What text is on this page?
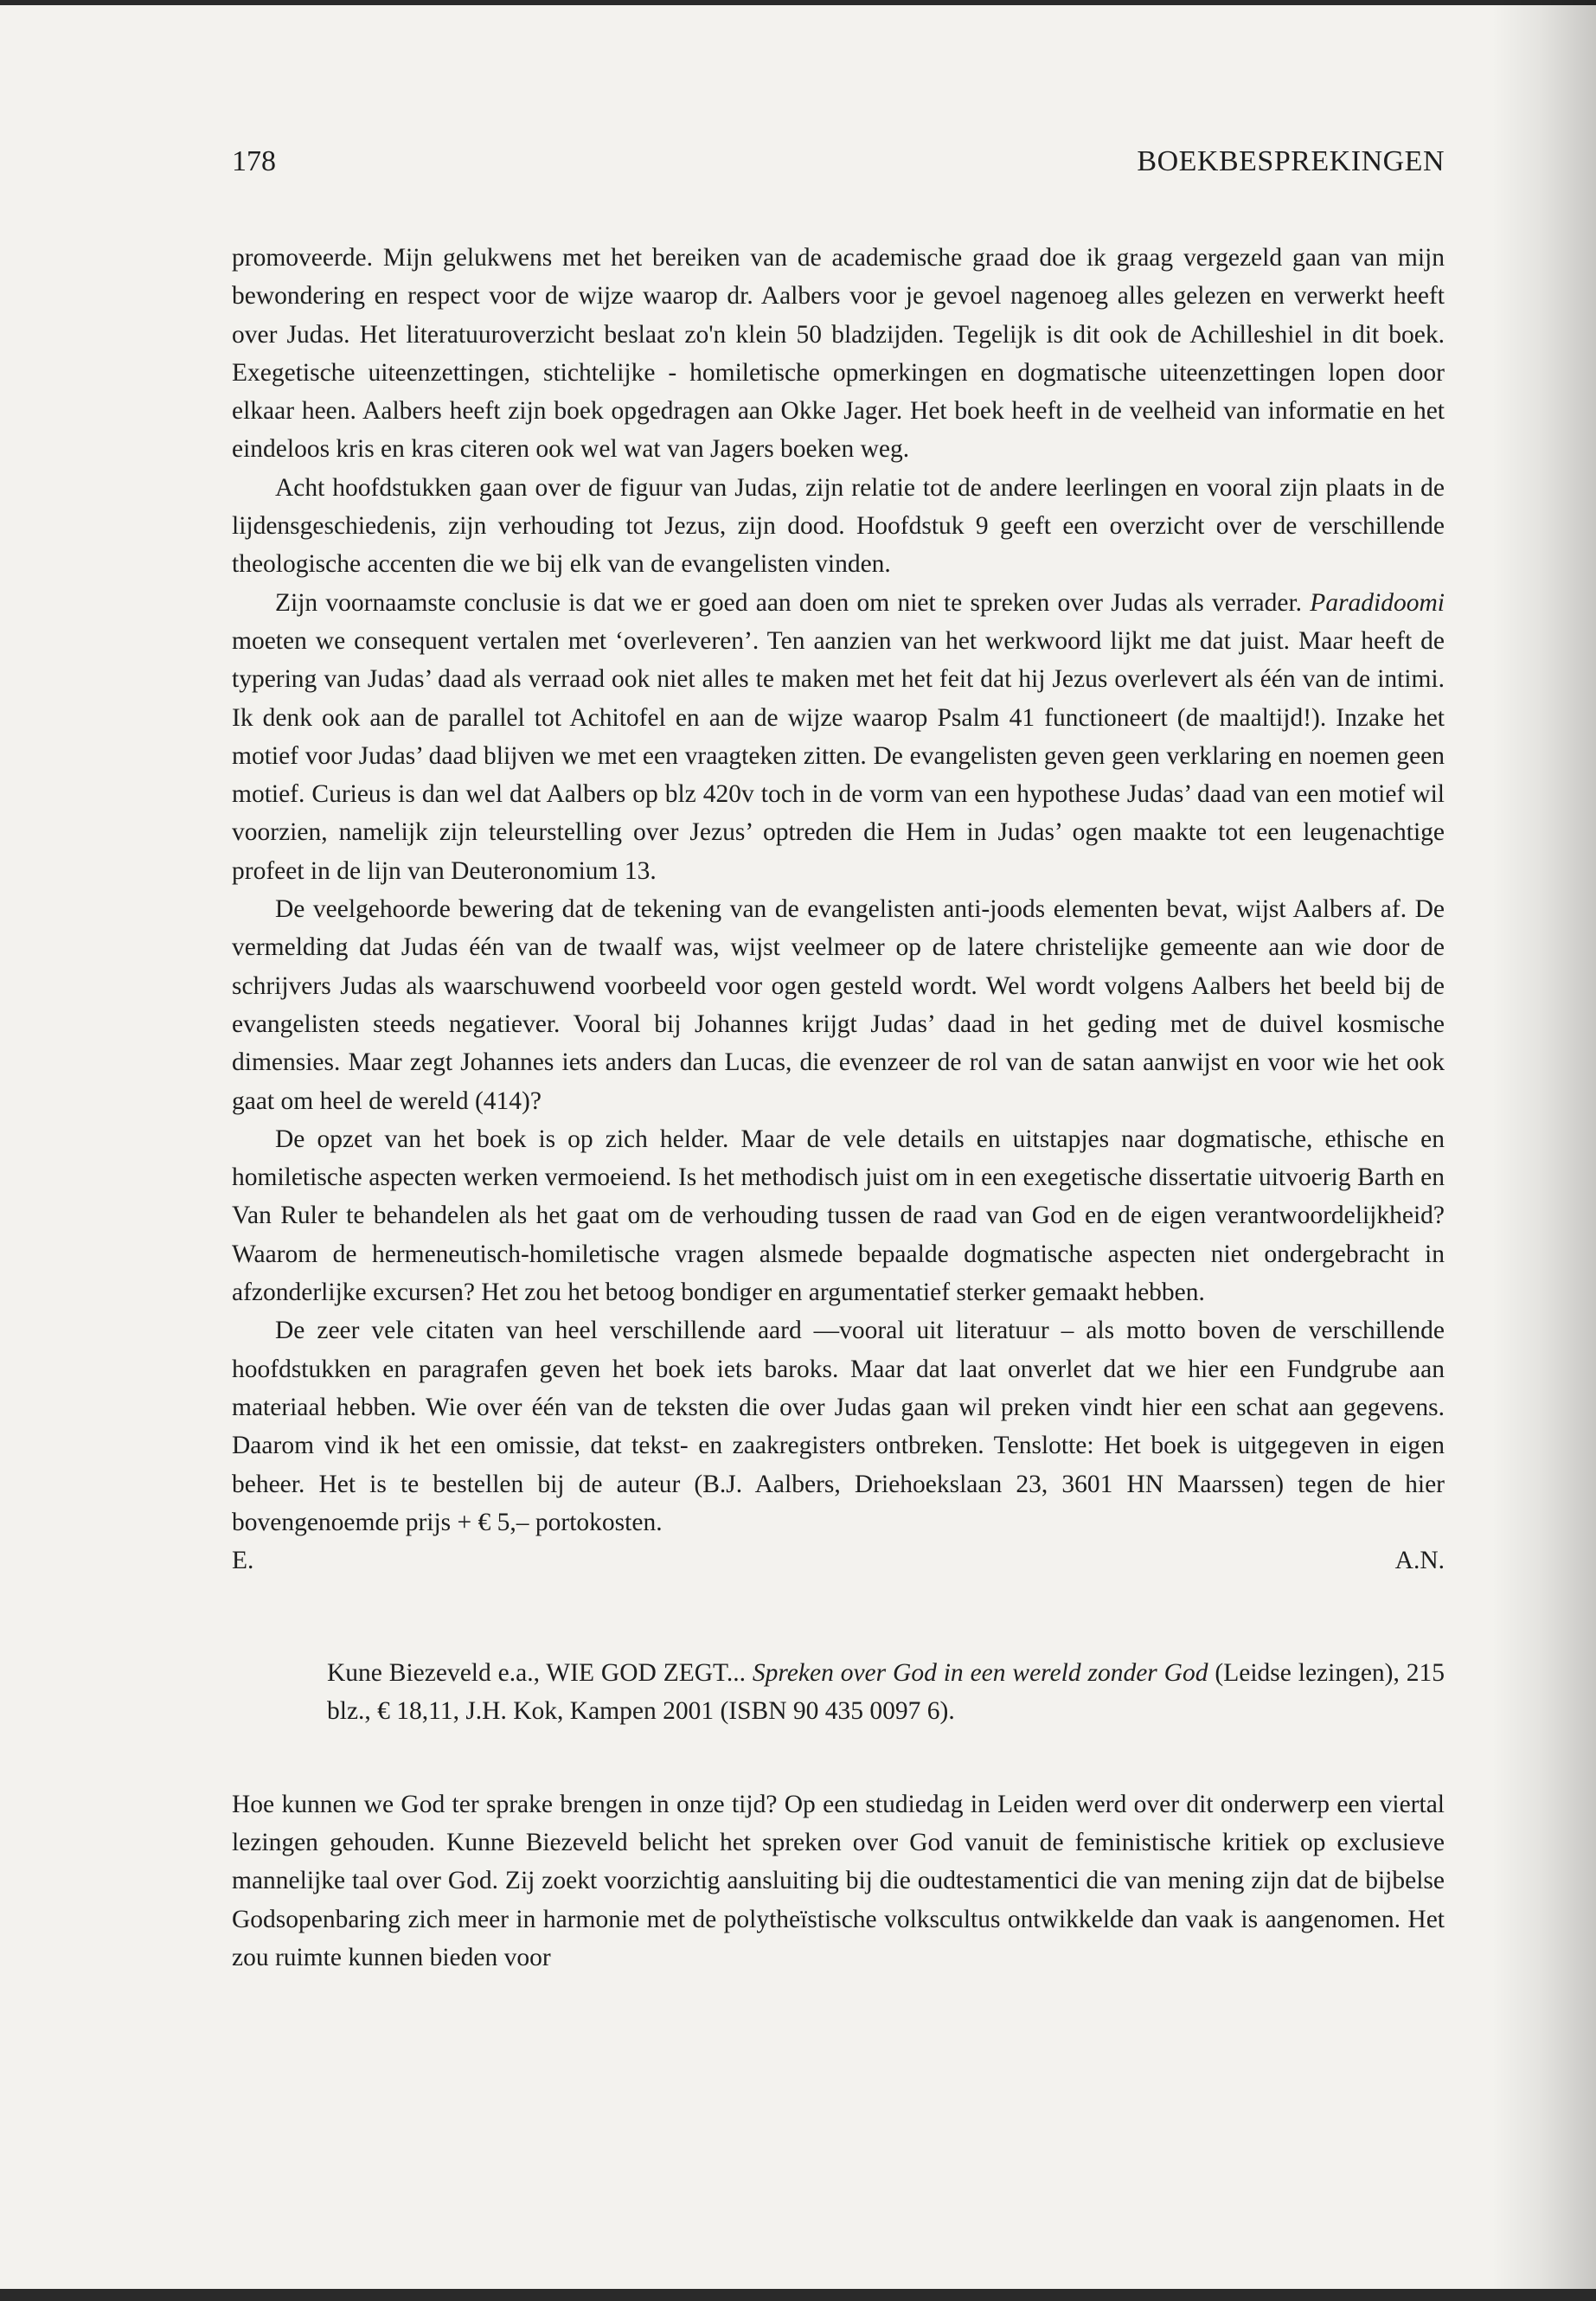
178	BOEKBESPREKINGEN

promoveerde. Mijn gelukwens met het bereiken van de academische graad doe ik graag vergezeld gaan van mijn bewondering en respect voor de wijze waarop dr. Aalbers voor je gevoel nagenoeg alles gelezen en verwerkt heeft over Judas. Het literatuuroverzicht beslaat zo'n klein 50 bladzijden. Tegelijk is dit ook de Achilleshiel in dit boek. Exegetische uiteenzettingen, stichtelijke - homiletische opmerkingen en dogmatische uiteenzettingen lopen door elkaar heen. Aalbers heeft zijn boek opgedragen aan Okke Jager. Het boek heeft in de veelheid van informatie en het eindeloos kris en kras citeren ook wel wat van Jagers boeken weg.

Acht hoofdstukken gaan over de figuur van Judas, zijn relatie tot de andere leerlingen en vooral zijn plaats in de lijdensgeschiedenis, zijn verhouding tot Jezus, zijn dood. Hoofdstuk 9 geeft een overzicht over de verschillende theologische accenten die we bij elk van de evangelisten vinden.

Zijn voornaamste conclusie is dat we er goed aan doen om niet te spreken over Judas als verrader. Paradidoomi moeten we consequent vertalen met ‘overleveren’. Ten aanzien van het werkwoord lijkt me dat juist. Maar heeft de typering van Judas’ daad als verraad ook niet alles te maken met het feit dat hij Jezus overlevert als één van de intimi. Ik denk ook aan de parallel tot Achitofel en aan de wijze waarop Psalm 41 functioneert (de maaltijd!). Inzake het motief voor Judas’ daad blijven we met een vraagteken zitten. De evangelisten geven geen verklaring en noemen geen motief. Curieus is dan wel dat Aalbers op blz 420v toch in de vorm van een hypothese Judas’ daad van een motief wil voorzien, namelijk zijn teleurstelling over Jezus’ optreden die Hem in Judas’ ogen maakte tot een leugenachtige profeet in de lijn van Deuteronomium 13.

De veelgehoorde bewering dat de tekening van de evangelisten anti-joods elementen bevat, wijst Aalbers af. De vermelding dat Judas één van de twaalf was, wijst veelmeer op de latere christelijke gemeente aan wie door de schrijvers Judas als waarschuwend voorbeeld voor ogen gesteld wordt. Wel wordt volgens Aalbers het beeld bij de evangelisten steeds negatiever. Vooral bij Johannes krijgt Judas’ daad in het geding met de duivel kosmische dimensies. Maar zegt Johannes iets anders dan Lucas, die evenzeer de rol van de satan aanwijst en voor wie het ook gaat om heel de wereld (414)?

De opzet van het boek is op zich helder. Maar de vele details en uitstapjes naar dogmatische, ethische en homiletische aspecten werken vermoeiend. Is het methodisch juist om in een exegetische dissertatie uitvoerig Barth en Van Ruler te behandelen als het gaat om de verhouding tussen de raad van God en de eigen verantwoordelijkheid? Waarom de hermeneutisch-homiletische vragen alsmede bepaalde dogmatische aspecten niet ondergebracht in afzonderlijke excursen? Het zou het betoog bondiger en argumentatief sterker gemaakt hebben.

De zeer vele citaten van heel verschillende aard —vooral uit literatuur – als motto boven de verschillende hoofdstukken en paragrafen geven het boek iets baroks. Maar dat laat onverlet dat we hier een Fundgrube aan materiaal hebben. Wie over één van de teksten die over Judas gaan wil preken vindt hier een schat aan gegevens. Daarom vind ik het een omissie, dat tekst- en zaakregisters ontbreken. Tenslotte: Het boek is uitgegeven in eigen beheer. Het is te bestellen bij de auteur (B.J. Aalbers, Driehoekslaan 23, 3601 HN Maarssen) tegen de hier bovengenoemde prijs + € 5,– portokosten.

E.	A.N.

Kune Biezeveld e.a., WIE GOD ZEGT... Spreken over God in een wereld zonder God (Leidse lezingen), 215 blz., € 18,11, J.H. Kok, Kampen 2001 (ISBN 90 435 0097 6).

Hoe kunnen we God ter sprake brengen in onze tijd? Op een studiedag in Leiden werd over dit onderwerp een viertal lezingen gehouden. Kunne Biezeveld belicht het spreken over God vanuit de feministische kritiek op exclusieve mannelijke taal over God. Zij zoekt voorzichtig aansluiting bij die oudtestamentici die van mening zijn dat de bijbelse Godsopenbaring zich meer in harmonie met de polytheïstische volkscultus ontwikkelde dan vaak is aangenomen. Het zou ruimte kunnen bieden voor
